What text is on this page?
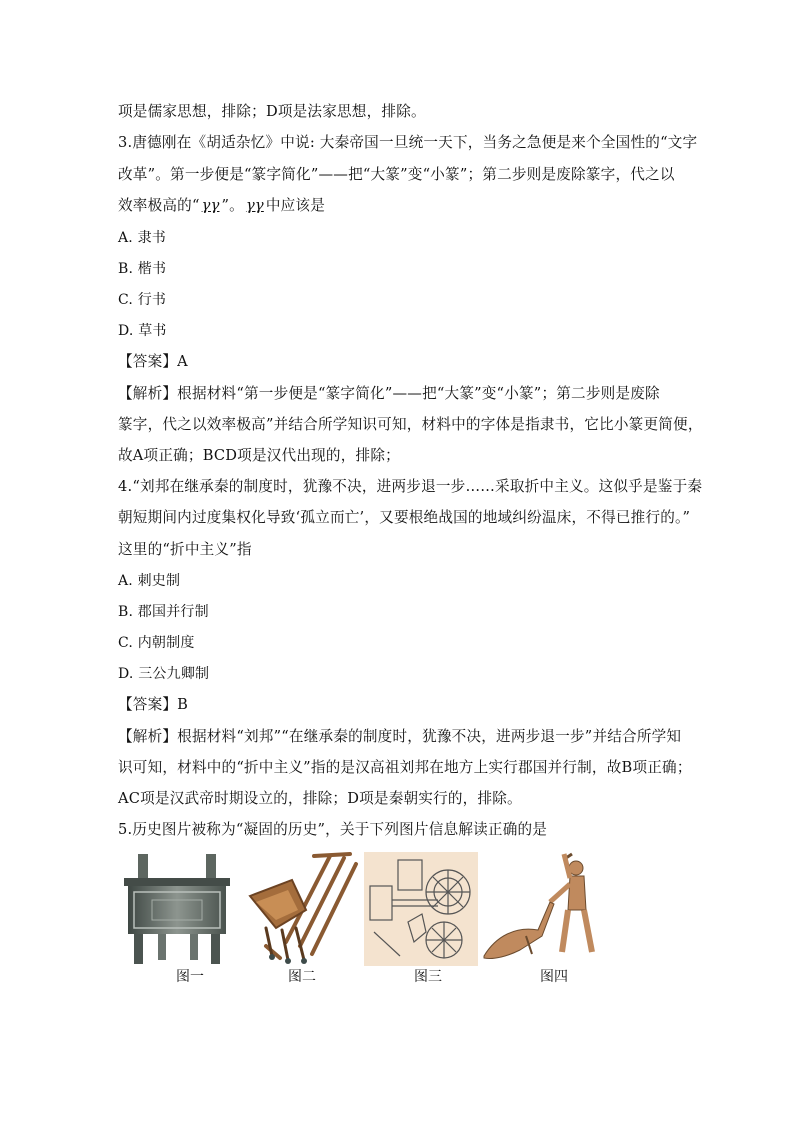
项是儒家思想，排除；D项是法家思想，排除。
3.唐德刚在《胡适杂忆》中说: 大秦帝国一旦统一天下，当务之急便是来个全国性的“文字
改革”。第一步便是“篆字简化”——把“大篆”变“小篆”；第二步则是废除篆字，代之以
效率极高的“ γγ ”。 γγ 中应该是
A. 隶书
B. 楷书
C. 行书
D. 草书
【答案】A
【解析】根据材料“第一步便是“篆字简化”——把“大篆”变“小篆”；第二步则是废除
篆字，代之以效率极高”并结合所学知识可知，材料中的字体是指隶书，它比小篆更简便，
故A项正确；BCD项是汉代出现的，排除；
4.“刘邦在继承秦的制度时，犹豫不决，进两步退一步……采取折中主义。这似乎是鉴于秦
朝短期间内过度集权化导致‘孤立而亡’，又要根绝战国的地域纠纷温床，不得已推行的。”
这里的“折中主义”指
A. 刺史制
B. 郡国并行制
C. 内朝制度
D. 三公九卿制
【答案】B
【解析】根据材料“刘邦”“在继承秦的制度时，犹豫不决，进两步退一步”并结合所学知
识可知，材料中的“折中主义”指的是汉高祖刘邦在地方上实行郡国并行制，故B项正确；
AC项是汉武帝时期设立的，排除；D项是秦朝实行的，排除。
5.历史图片被称为“凝固的历史”，关于下列图片信息解读正确的是
图一	图二	图三	图四
